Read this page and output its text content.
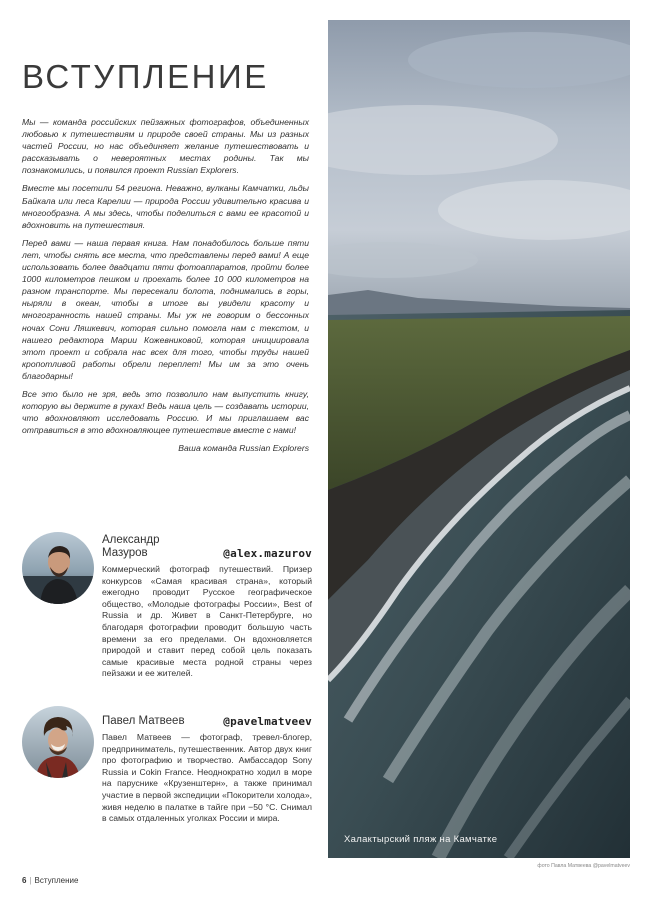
ВСТУПЛЕНИЕ

Мы — команда российских пейзажных фотографов, объединенных любовью к путешествиям и природе своей страны. Мы из разных частей России, но нас объединяет желание путешествовать и рассказывать о невероятных местах родины. Так мы познакомились, и появился проект Russian Explorers.

Вместе мы посетили 54 региона. Неважно, вулканы Камчатки, льды Байкала или леса Карелии — природа России удивительно красива и многообразна. А мы здесь, чтобы поделиться с вами ее красотой и вдохновить на путешествия.

Перед вами — наша первая книга. Нам понадобилось больше пяти лет, чтобы снять все места, что представлены перед вами! А еще использовать более двадцати пяти фотоаппаратов, пройти более 1000 километров пешком и проехать более 10 000 километров на разном транспорте. Мы пересекали болота, поднимались в горы, ныряли в океан, чтобы в итоге вы увидели красоту и многогранность нашей страны. Мы уж не говорим о бессонных ночах Сони Ляшкевич, которая сильно помогла нам с текстом, и нашего редактора Марии Кожевниковой, которая инициировала этот проект и собрала нас всех для того, чтобы труды нашей кропотливой работы обрели переплет! Мы им за это очень благодарны!

Все это было не зря, ведь это позволило нам выпустить книгу, которую вы держите в руках! Ведь наша цель — создавать истории, что вдохновляют исследовать Россию. И мы приглашаем вас отправиться в это вдохновляющее путешествие вместе с нами!

Ваша команда Russian Explorers

Александр
Мазуров	@alex.mazurov

Коммерческий фотограф путешествий. Призер конкурсов «Самая красивая страна», который ежегодно проводит Русское географическое общество, «Молодые фотографы России», Best of Russia и др. Живет в Санкт-Петербурге, но благодаря фотографии проводит большую часть времени за его пределами. Он вдохновляется природой и ставит перед собой цель показать самые красивые места родной страны через пейзажи и ее жителей.

Павел Матвеев	@pavelmatveev

Павел Матвеев — фотограф, тревел-блогер, предприниматель, путешественник. Автор двух книг про фотографию и творчество. Амбассадор Sony Russia и Cokin France. Неоднократно ходил в море на паруснике «Крузенштерн», а также принимал участие в первой экспедиции «Покорители холода», живя неделю в палатке в тайге при −50 °C. Снимал в самых отдаленных уголках России и мира.

Халактырский пляж на Камчатке
фото Павла Матвеева @pavelmatveev
6 | Вступление
